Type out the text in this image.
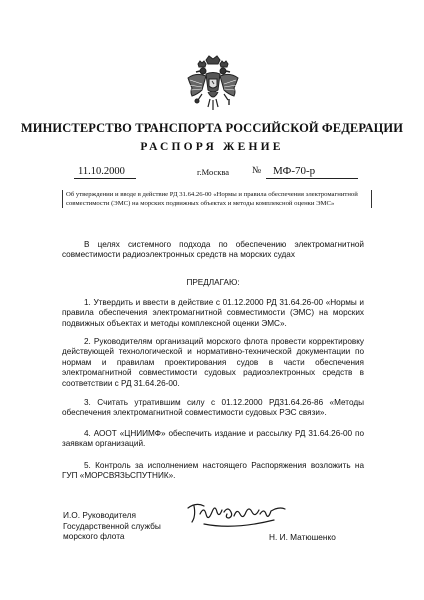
МИНИСТЕРСТВО ТРАНСПОРТА РОССИЙСКОЙ ФЕДЕРАЦИИ
РАСПОРЯ ЖЕНИЕ
11.10.2000	г.Москва № МФ-70-р
Об утверждении и вводе в действие РД 31.64.26-00 «Нормы и правила обеспечения электромагнитной совместимости (ЭМС) на морских подвижных объектах и методы комплексной оценки ЭМС»
В целях системного подхода по обеспечению электромагнитной совместимости радиоэлектронных средств на морских судах
ПРЕДЛАГАЮ:
1. Утвердить и ввести в действие с 01.12.2000 РД 31.64.26-00 «Нормы и правила обеспечения электромагнитной совместимости (ЭМС) на морских подвижных объектах и методы комплексной оценки ЭМС».
2. Руководителям организаций морского флота провести корректировку действующей технологической и нормативно-технической документации по нормам и правилам проектирования судов в части обеспечения электромагнитной совместимости судовых радиоэлектронных средств в соответствии с РД 31.64.26-00.
3. Считать утратившим силу с 01.12.2000 РД31.64.26-86 «Методы обеспечения электромагнитной совместимости судовых РЭС связи».
4. АООТ «ЦНИИМФ» обеспечить издание и рассылку РД 31.64.26-00 по заявкам организаций.
5. Контроль за исполнением настоящего Распоряжения возложить на ГУП «МОРСВЯЗЬСПУТНИК».
И.О. Руководителя
Государственной службы
морского флота	Н. И. Матюшенко
